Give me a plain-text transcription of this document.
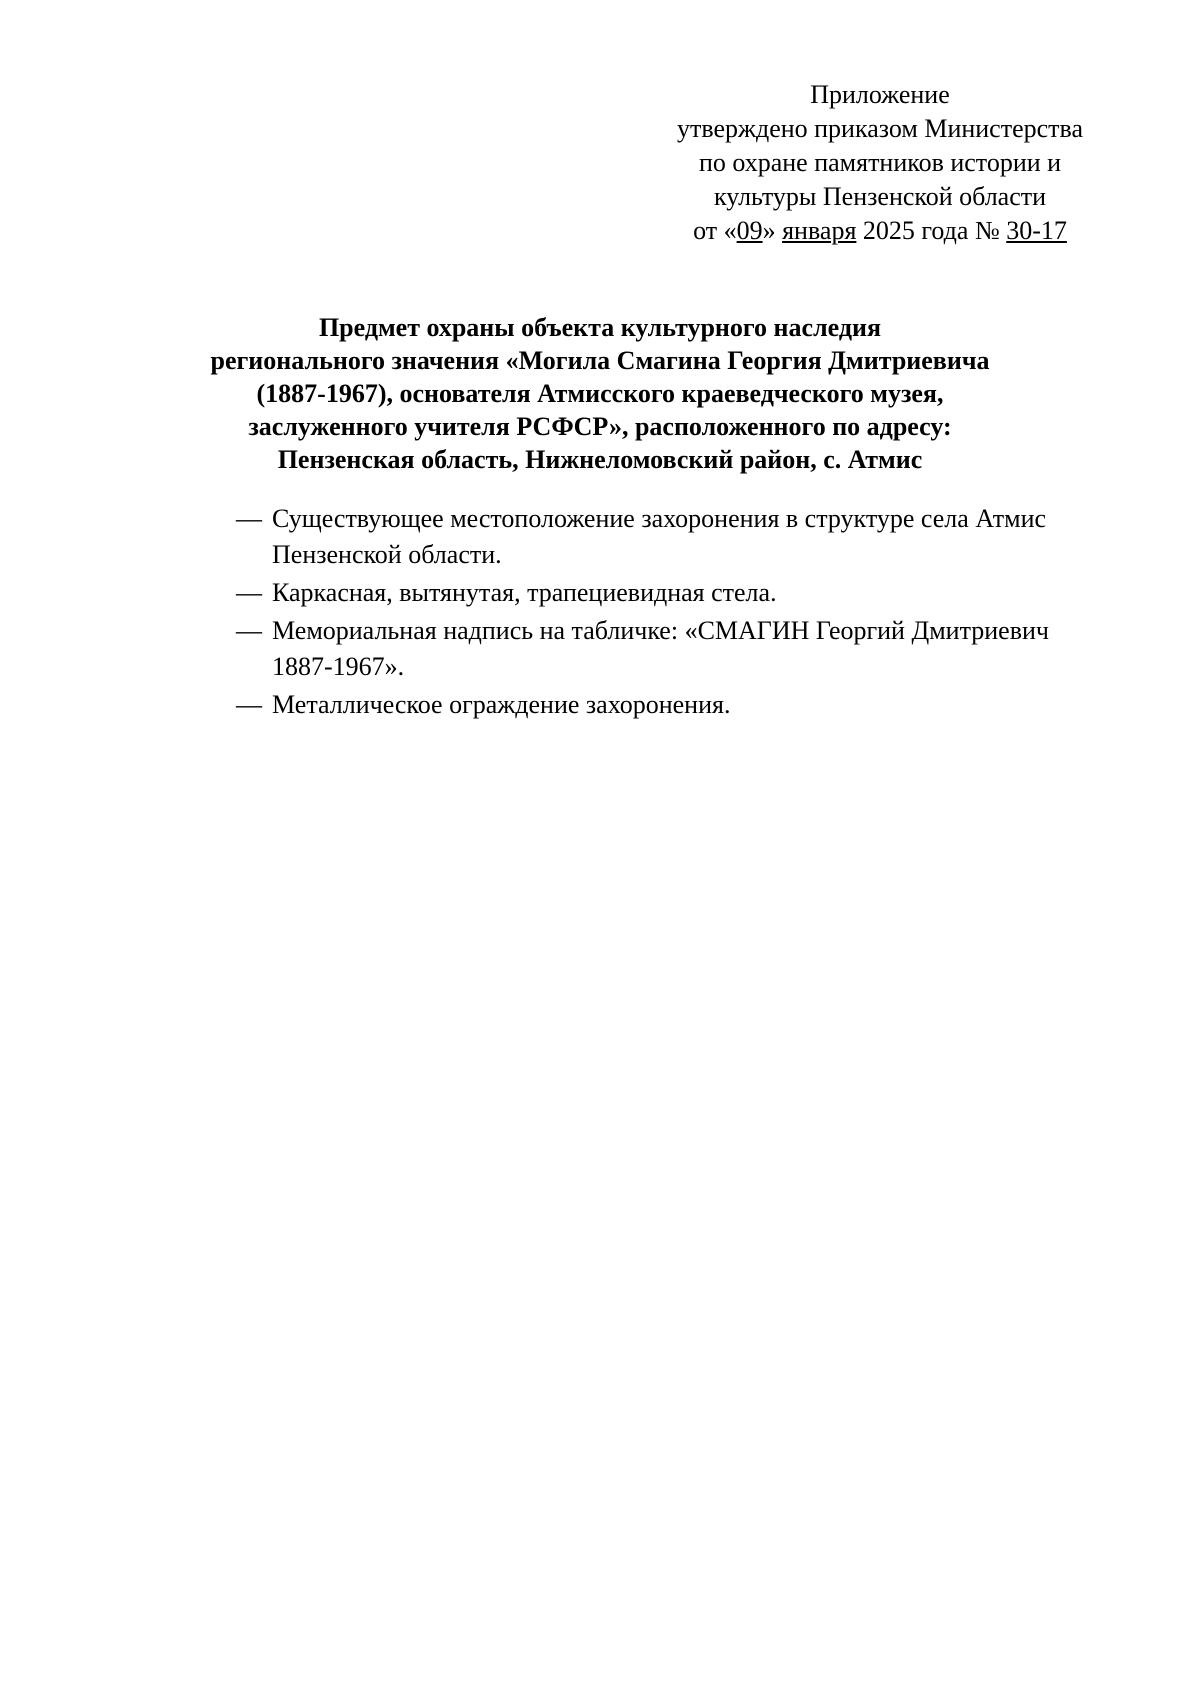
Приложение
утверждено приказом Министерства
по охране памятников истории и
культуры Пензенской области
от «09» января 2025 года № 30-17
Предмет охраны объекта культурного наследия
регионального значения «Могила Смагина Георгия Дмитриевича
(1887-1967), основателя Атмисского краеведческого музея,
заслуженного учителя РСФСР», расположенного по адресу:
Пензенская область, Нижнеломовский район, с. Атмис
— Существующее местоположение захоронения в структуре села Атмис
Пензенской области.
— Каркасная, вытянутая, трапециевидная стела.
— Мемориальная надпись на табличке: «СМАГИН Георгий Дмитриевич
1887-1967».
— Металлическое ограждение захоронения.
